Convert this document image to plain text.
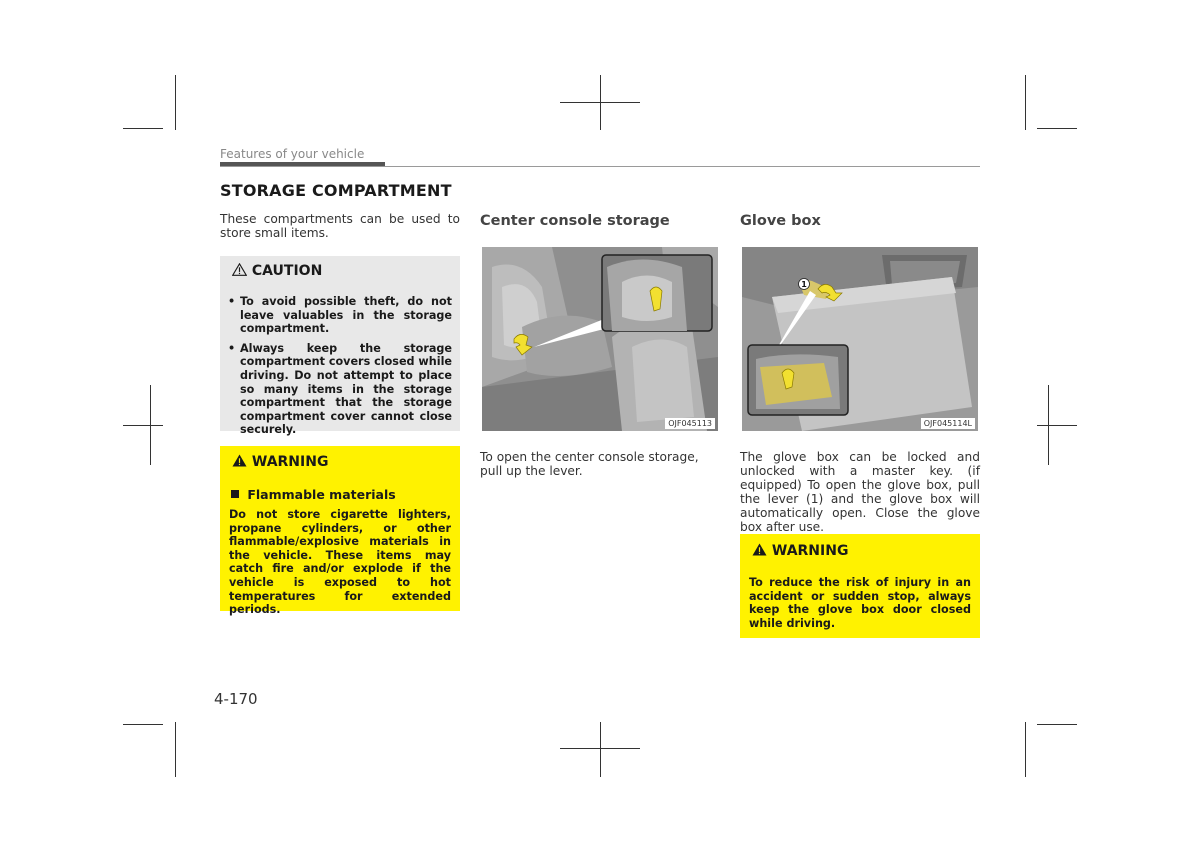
Features of your vehicle
STORAGE COMPARTMENT
These compartments can be used to store small items.
CAUTION
• To avoid possible theft, do not leave valuables in the storage compartment.
• Always keep the storage compartment covers closed while driving. Do not attempt to place so many items in the storage compartment that the storage compartment cover cannot close securely.
WARNING
Flammable materials
Do not store cigarette lighters, propane cylinders, or other flammable/explosive materials in the vehicle. These items may catch fire and/or explode if the vehicle is exposed to hot temperatures for extended periods.
Center console storage
OJF045113
To open the center console storage, pull up the lever.
Glove box
1
OJF045114L
The glove box can be locked and unlocked with a master key. (if equipped) To open the glove box, pull the lever (1) and the glove box will automatically open. Close the glove box after use.
WARNING
To reduce the risk of injury in an accident or sudden stop, always keep the glove box door closed while driving.
4-170
